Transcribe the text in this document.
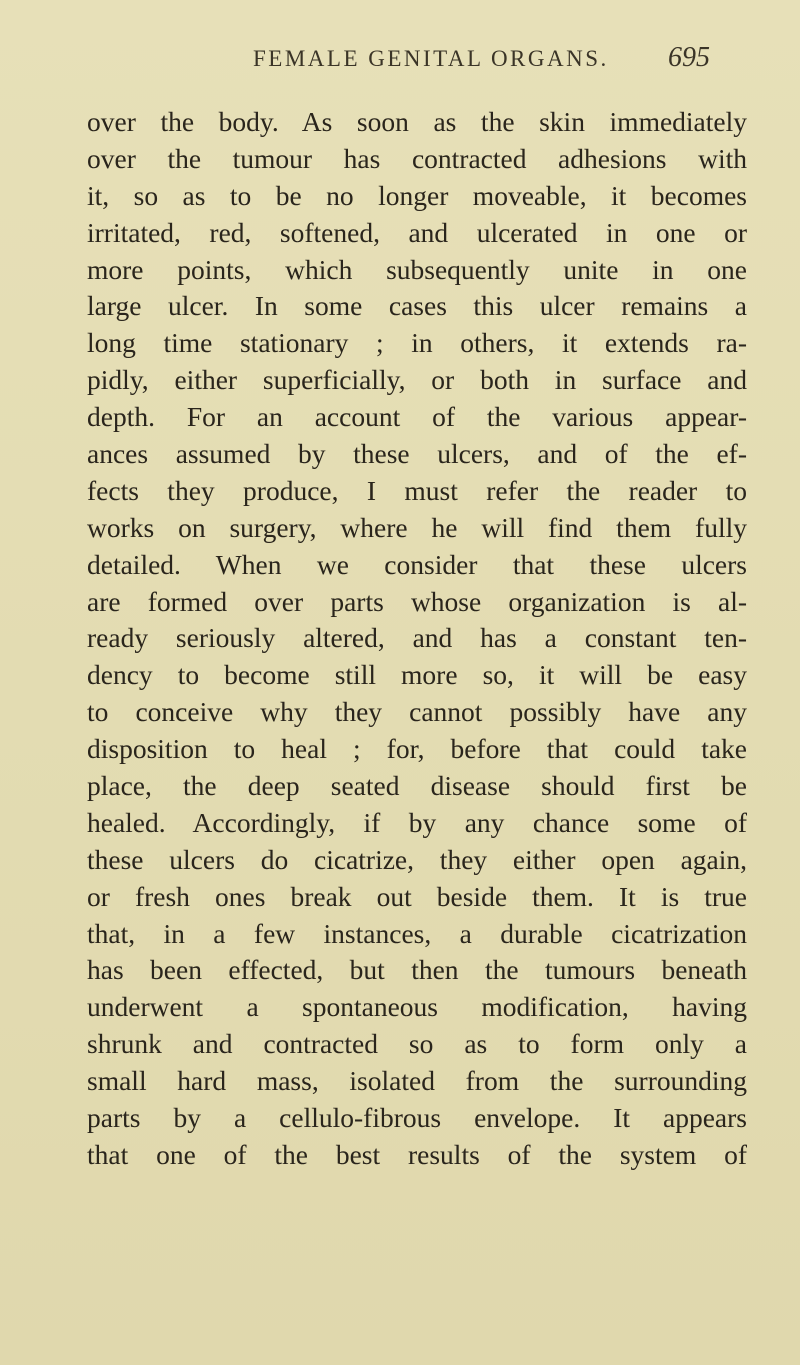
FEMALE GENITAL ORGANS. 695
over the body. As soon as the skin immediately
over the tumour has contracted adhesions with
it, so as to be no longer moveable, it becomes
irritated, red, softened, and ulcerated in one or
more points, which subsequently unite in one
large ulcer. In some cases this ulcer remains a
long time stationary ; in others, it extends ra-
pidly, either superficially, or both in surface and
depth. For an account of the various appear-
ances assumed by these ulcers, and of the ef-
fects they produce, I must refer the reader to
works on surgery, where he will find them fully
detailed. When we consider that these ulcers
are formed over parts whose organization is al-
ready seriously altered, and has a constant ten-
dency to become still more so, it will be easy
to conceive why they cannot possibly have any
disposition to heal ; for, before that could take
place, the deep seated disease should first be
healed. Accordingly, if by any chance some of
these ulcers do cicatrize, they either open again,
or fresh ones break out beside them. It is true
that, in a few instances, a durable cicatrization
has been effected, but then the tumours beneath
underwent a spontaneous modification, having
shrunk and contracted so as to form only a
small hard mass, isolated from the surrounding
parts by a cellulo-fibrous envelope. It appears
that one of the best results of the system of
